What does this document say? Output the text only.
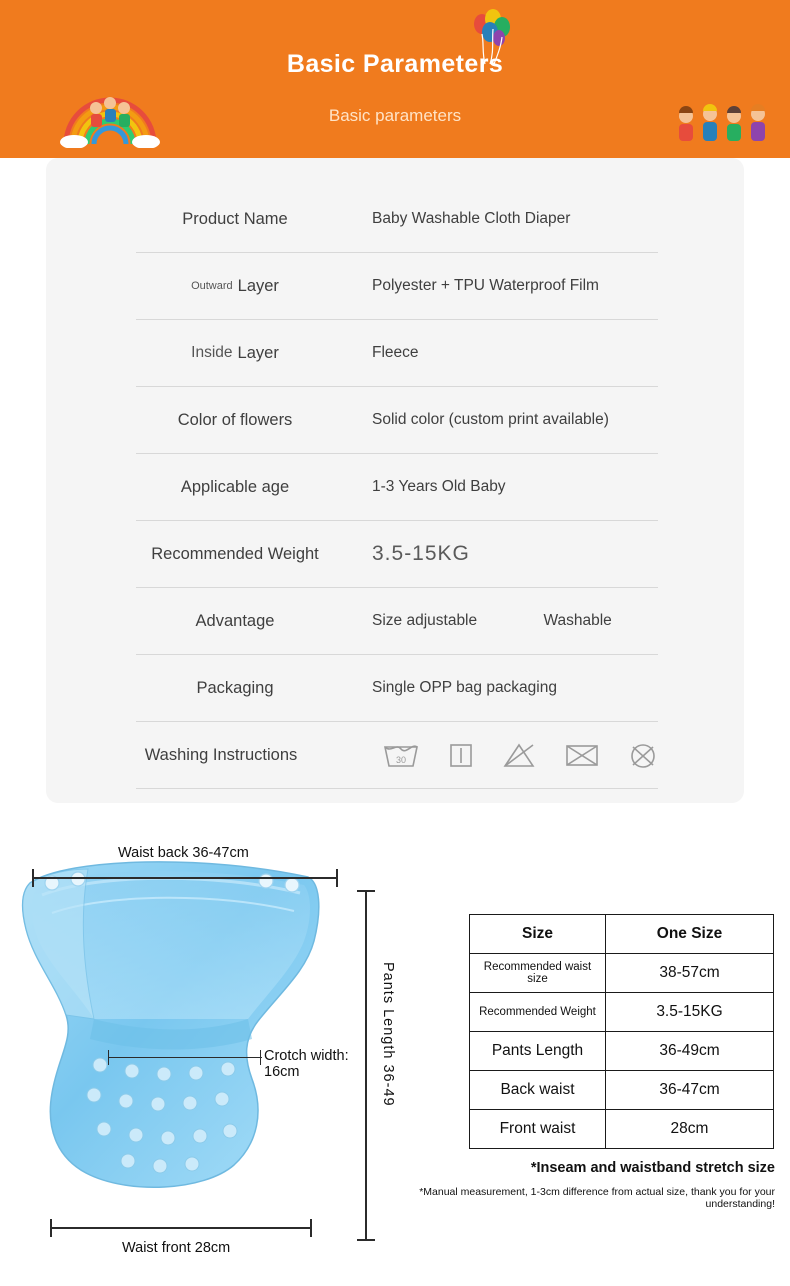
Basic Parameters
Basic parameters
Product Name	Baby Washable Cloth Diaper
Outward Layer	Polyester + TPU Waterproof Film
Inside Layer	Fleece
Color of flowers	Solid color (custom print available)
Applicable age	1-3 Years Old Baby
Recommended Weight	3.5-15KG
Advantage	Size adjustable	Washable
Packaging	Single OPP bag packaging
Washing Instructions	30
Waist back 36-47cm
Waist front 28cm
Crotch width: 16cm	Pants Length 36-49
Size	One Size
Recommended waist size	38-57cm
Recommended Weight	3.5-15KG
Pants Length	36-49cm
Back waist	36-47cm
Front waist	28cm
*Inseam and waistband stretch size
*Manual measurement, 1-3cm difference from actual size, thank you for your understanding!
